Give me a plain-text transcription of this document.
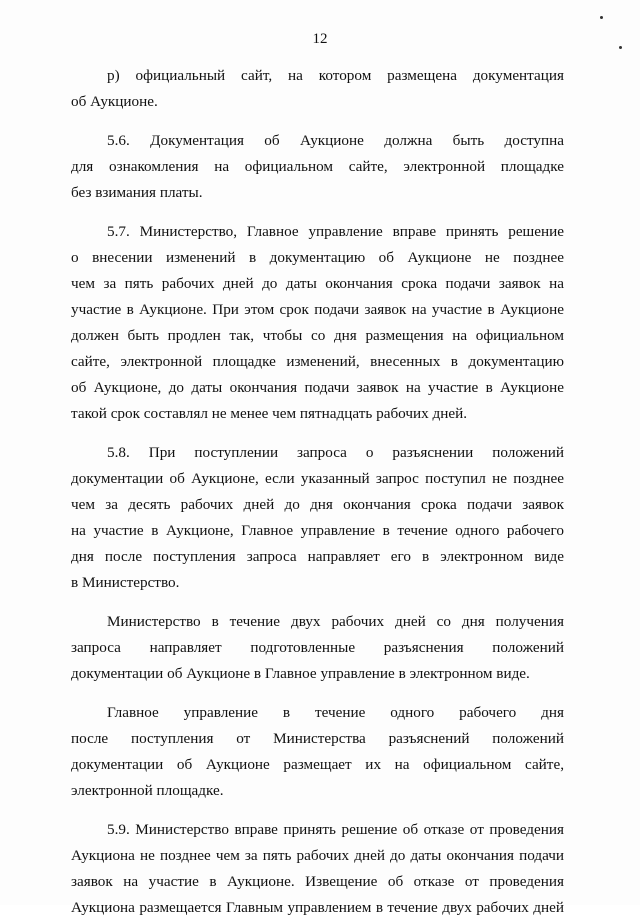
12
р) официальный сайт, на котором размещена документация
об Аукционе.
5.6. Документация об Аукционе должна быть доступна
для ознакомления на официальном сайте, электронной площадке
без взимания платы.
5.7. Министерство, Главное управление вправе принять решение
о внесении изменений в документацию об Аукционе не позднее
чем за пять рабочих дней до даты окончания срока подачи заявок на
участие в Аукционе. При этом срок подачи заявок на участие в Аукционе
должен быть продлен так, чтобы со дня размещения на официальном
сайте, электронной площадке изменений, внесенных в документацию
об Аукционе, до даты окончания подачи заявок на участие в Аукционе
такой срок составлял не менее чем пятнадцать рабочих дней.
5.8. При поступлении запроса о разъяснении положений
документации об Аукционе, если указанный запрос поступил не позднее
чем за десять рабочих дней до дня окончания срока подачи заявок
на участие в Аукционе, Главное управление в течение одного рабочего
дня после поступления запроса направляет его в электронном виде
в Министерство.
Министерство в течение двух рабочих дней со дня получения
запроса направляет подготовленные разъяснения положений
документации об Аукционе в Главное управление в электронном виде.
Главное управление в течение одного рабочего дня
после поступления от Министерства разъяснений положений
документации об Аукционе размещает их на официальном сайте,
электронной площадке.
5.9. Министерство вправе принять решение об отказе от проведения
Аукциона не позднее чем за пять рабочих дней до даты окончания подачи
заявок на участие в Аукционе. Извещение об отказе от проведения
Аукциона размещается Главным управлением в течение двух рабочих дней
